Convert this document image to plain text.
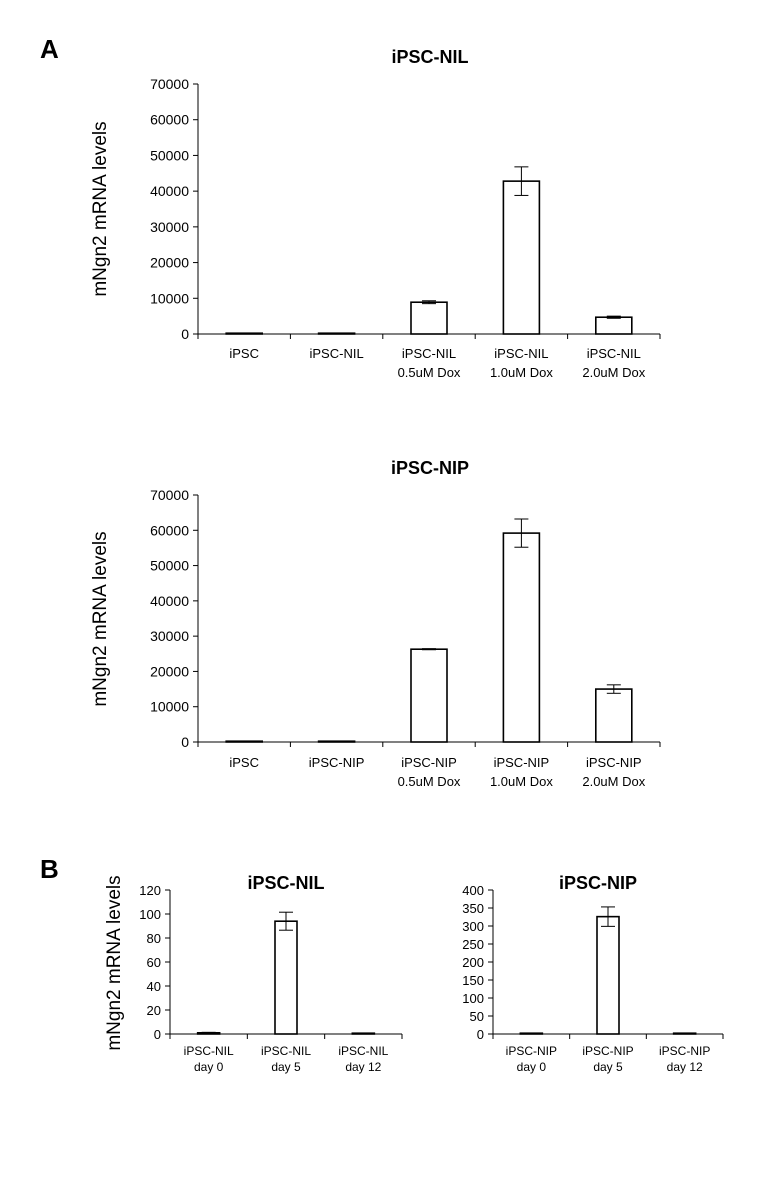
A
B
iPSC-NIL
mNgn2 mRNA levels
0
10000
20000
30000
40000
50000
60000
70000
iPSC	iPSC-NIL	iPSC-NIL
0.5uM Dox
iPSC-NIL
1.0uM Dox
iPSC-NIL
2.0uM Dox
iPSC-NIP
mNgn2 mRNA levels
0
10000
20000
30000
40000
50000
60000
70000
iPSC	iPSC-NIP	iPSC-NIP
0.5uM Dox
iPSC-NIP
1.0uM Dox
iPSC-NIP
2.0uM Dox
iPSC-NIL
mNgn2 mRNA levels 0
20
40
60
80
100
120
iPSC-NIL
day 0
iPSC-NIL
day 5
iPSC-NIL
day 12
iPSC-NIP
0
50
100
150
200
250
300
350
400
iPSC-NIP
day 0
iPSC-NIP
day 5
iPSC-NIP
day 12
